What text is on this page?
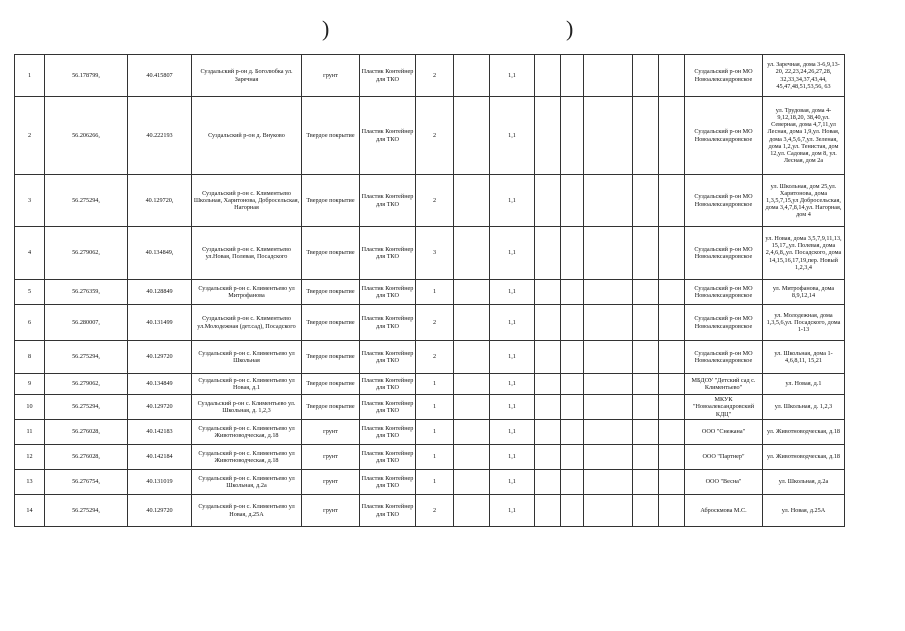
)	)
1	56.178799,	40.415807	Суздальский р-он д. Боголюбка ул. Заречная	грунт	Пластик Контейнер для ТКО	2		1,1						Суздальский р-он МО Новоалександровское	ул. Заречная, дома 3-6,9,13-20, 22,23,24,26,27,28, 32,33,34,37,43,44, 45,47,48,51,53,56, 63
2	56.206266,	40.222193	Суздальский р-он д. Внуково	Твердое покрытие	Пластик Контейнер для ТКО	2		1,1						Суздальский р-он МО Новоалександровское	ул. Трудовая, дома 4-9,12,18,20, 38,40,ул. Северная, дома 4,7,11,ул Лесная, дома 1,9,ул. Новая, дома 3,4,5,6,7,ул. Зеленая, дома 1,2,ул. Тенистая, дом 12,ул. Садовая, дом 8, ул. Лесная, дом 2а
3	56.275294,	40.129720,	Суздальский р-он с. Климентьево Школьная, Харитонова, Добросельская, Нагорная	Твердое покрытие	Пластик Контейнер для ТКО	2		1,1						Суздальский р-он МО Новоалександровское	ул. Школьная, дом 25,ул. Харитонова, дома 1,3,5,7,15,ул Добросельская, дома 3,4,7,8,14,ул. Нагорная, дом 4
4	56.279062,	40.134849,	Суздальский р-он с. Климентьево ул.Новая, Полевая, Посадского	Твердое покрытие	Пластик Контейнер для ТКО	3		1,1						Суздальский р-он МО Новоалександровское	ул. Новая, дома 3,5,7,9,11,13, 15,17,,ул. Полевая, дома 2,4,6,8,,ул. Посадского, дома 14,15,16,17,19,пер. Новый 1,2,3,4
5	56.276359,	40.128849	Суздальский р-он с. Климентьево ул Митрофанова	Твердое покрытие	Пластик Контейнер для ТКО	1		1,1						Суздальский р-он МО Новоалександровское	ул. Митрофанова, дома 8,9,12,14
6	56.280007,	40.131499	Суздальский р-он с. Климентьево ул.Молодежная (дет.сад), Посадского	Твердое покрытие	Пластик Контейнер для ТКО	2		1,1						Суздальский р-он МО Новоалександровское	ул. Молодежная, дома 1,3,5,6,ул. Посадского, дома 1-13
8	56.275294,	40.129720	Суздальский р-он с. Климентьево ул Школьная	Твердое покрытие	Пластик Контейнер для ТКО	2		1,1						Суздальский р-он МО Новоалександровское	ул. Школьная, дома 1-4,6,8,11, 15,21
9	56.279062,	40.134849	Суздальский р-он с. Климентьево ул Новая, д.1	Твердое покрытие	Пластик Контейнер для ТКО	1		1,1						МБДОУ "Детский сад с. Климентьево"	ул. Новая, д.1
10	56.275294,	40.129720	Суздальский р-он с. Климентьево ул. Школьная, д. 1,2,3	Твердое покрытие	Пластик Контейнер для ТКО	1		1,1						МКУК "Новоалександровский КДЦ"	ул. Школьная, д. 1,2,3
11	56.276028,	40.142183	Суздальский р-он с. Климентьево ул Животноводческая, д.18	грунт	Пластик Контейнер для ТКО	1		1,1						ООО "Снежана"	ул. Животноводческая, д.18
12	56.276028,	40.142184	Суздальский р-он с. Климентьево ул Животноводческая, д.18	грунт	Пластик Контейнер для ТКО	1		1,1						ООО "Партнер"	ул. Животноводческая, д.18
13	56.276754,	40.131019	Суздальский р-он с. Климентьево ул Школьная, д.2а	грунт	Пластик Контейнер для ТКО	1		1,1						ООО "Весна"	ул. Школьная, д.2а
14	56.275294,	40.129720	Суздальский р-он с. Климентьево ул Новая, д.25А	грунт	Пластик Контейнер для ТКО	2		1,1						Аброскмова М.С.	ул. Новая, д.25А
